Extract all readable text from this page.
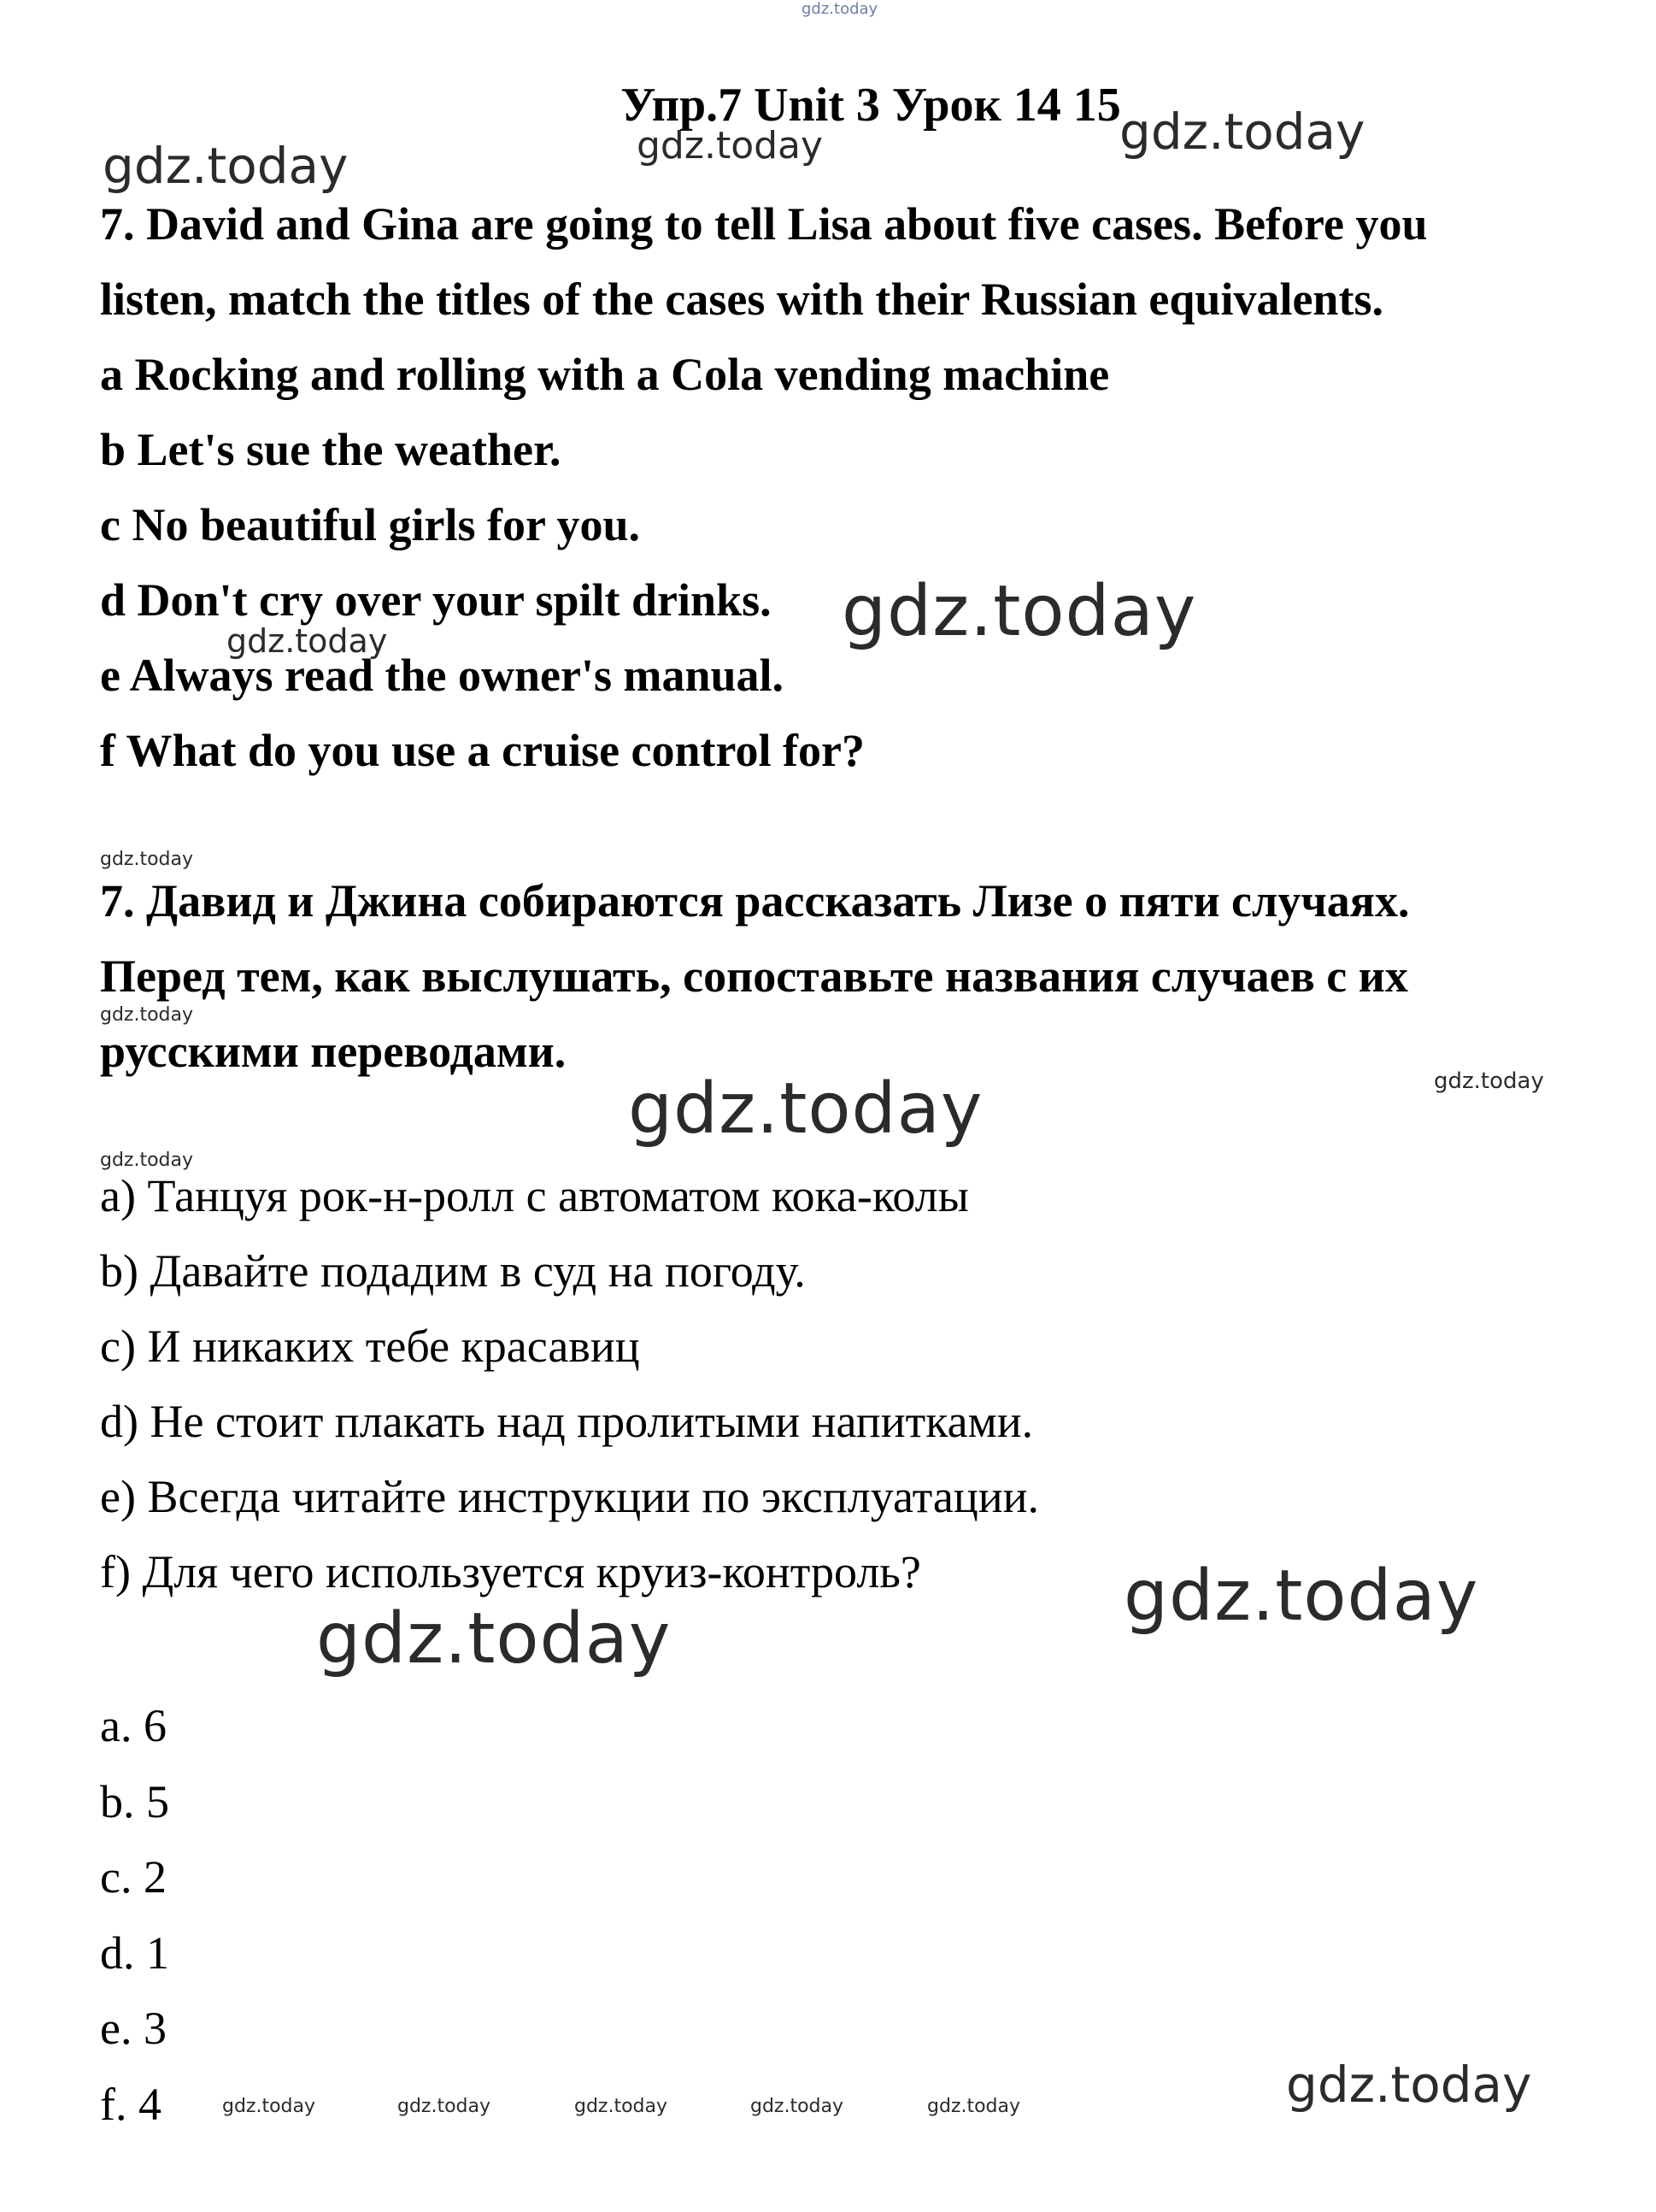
gdz.today
Упр.7 Unit 3 Урок 14 15
gdz.today	gdz.today	gdz.today
7. David and Gina are going to tell Lisa about five cases. Before you
listen, match the titles of the cases with their Russian equivalents.
a Rocking and rolling with a Cola vending machine
b Let's sue the weather.
c No beautiful girls for you.
d Don't cry over your spilt drinks.
e Always read the owner's manual.
f What do you use a cruise control for?
gdz.today
gdz.today
gdz.today
7. Давид и Джина собираются рассказать Лизе о пяти случаях.
Перед тем, как выслушать, сопоставьте названия случаев с их
русскими переводами.
gdz.today
gdz.today
gdz.today
gdz.today
a) Танцуя рок-н-ролл с автоматом кока-колы
b) Давайте подадим в суд на погоду.
c) И никаких тебе красавиц
d) Не стоит плакать над пролитыми напитками.
e) Всегда читайте инструкции по эксплуатации.
f) Для чего используется круиз-контроль?	gdz.today
gdz.today
a. 6
b. 5
c. 2
d. 1
e. 3
f. 4	gdz.today	gdz.today	gdz.today	gdz.today	gdz.today	gdz.today
